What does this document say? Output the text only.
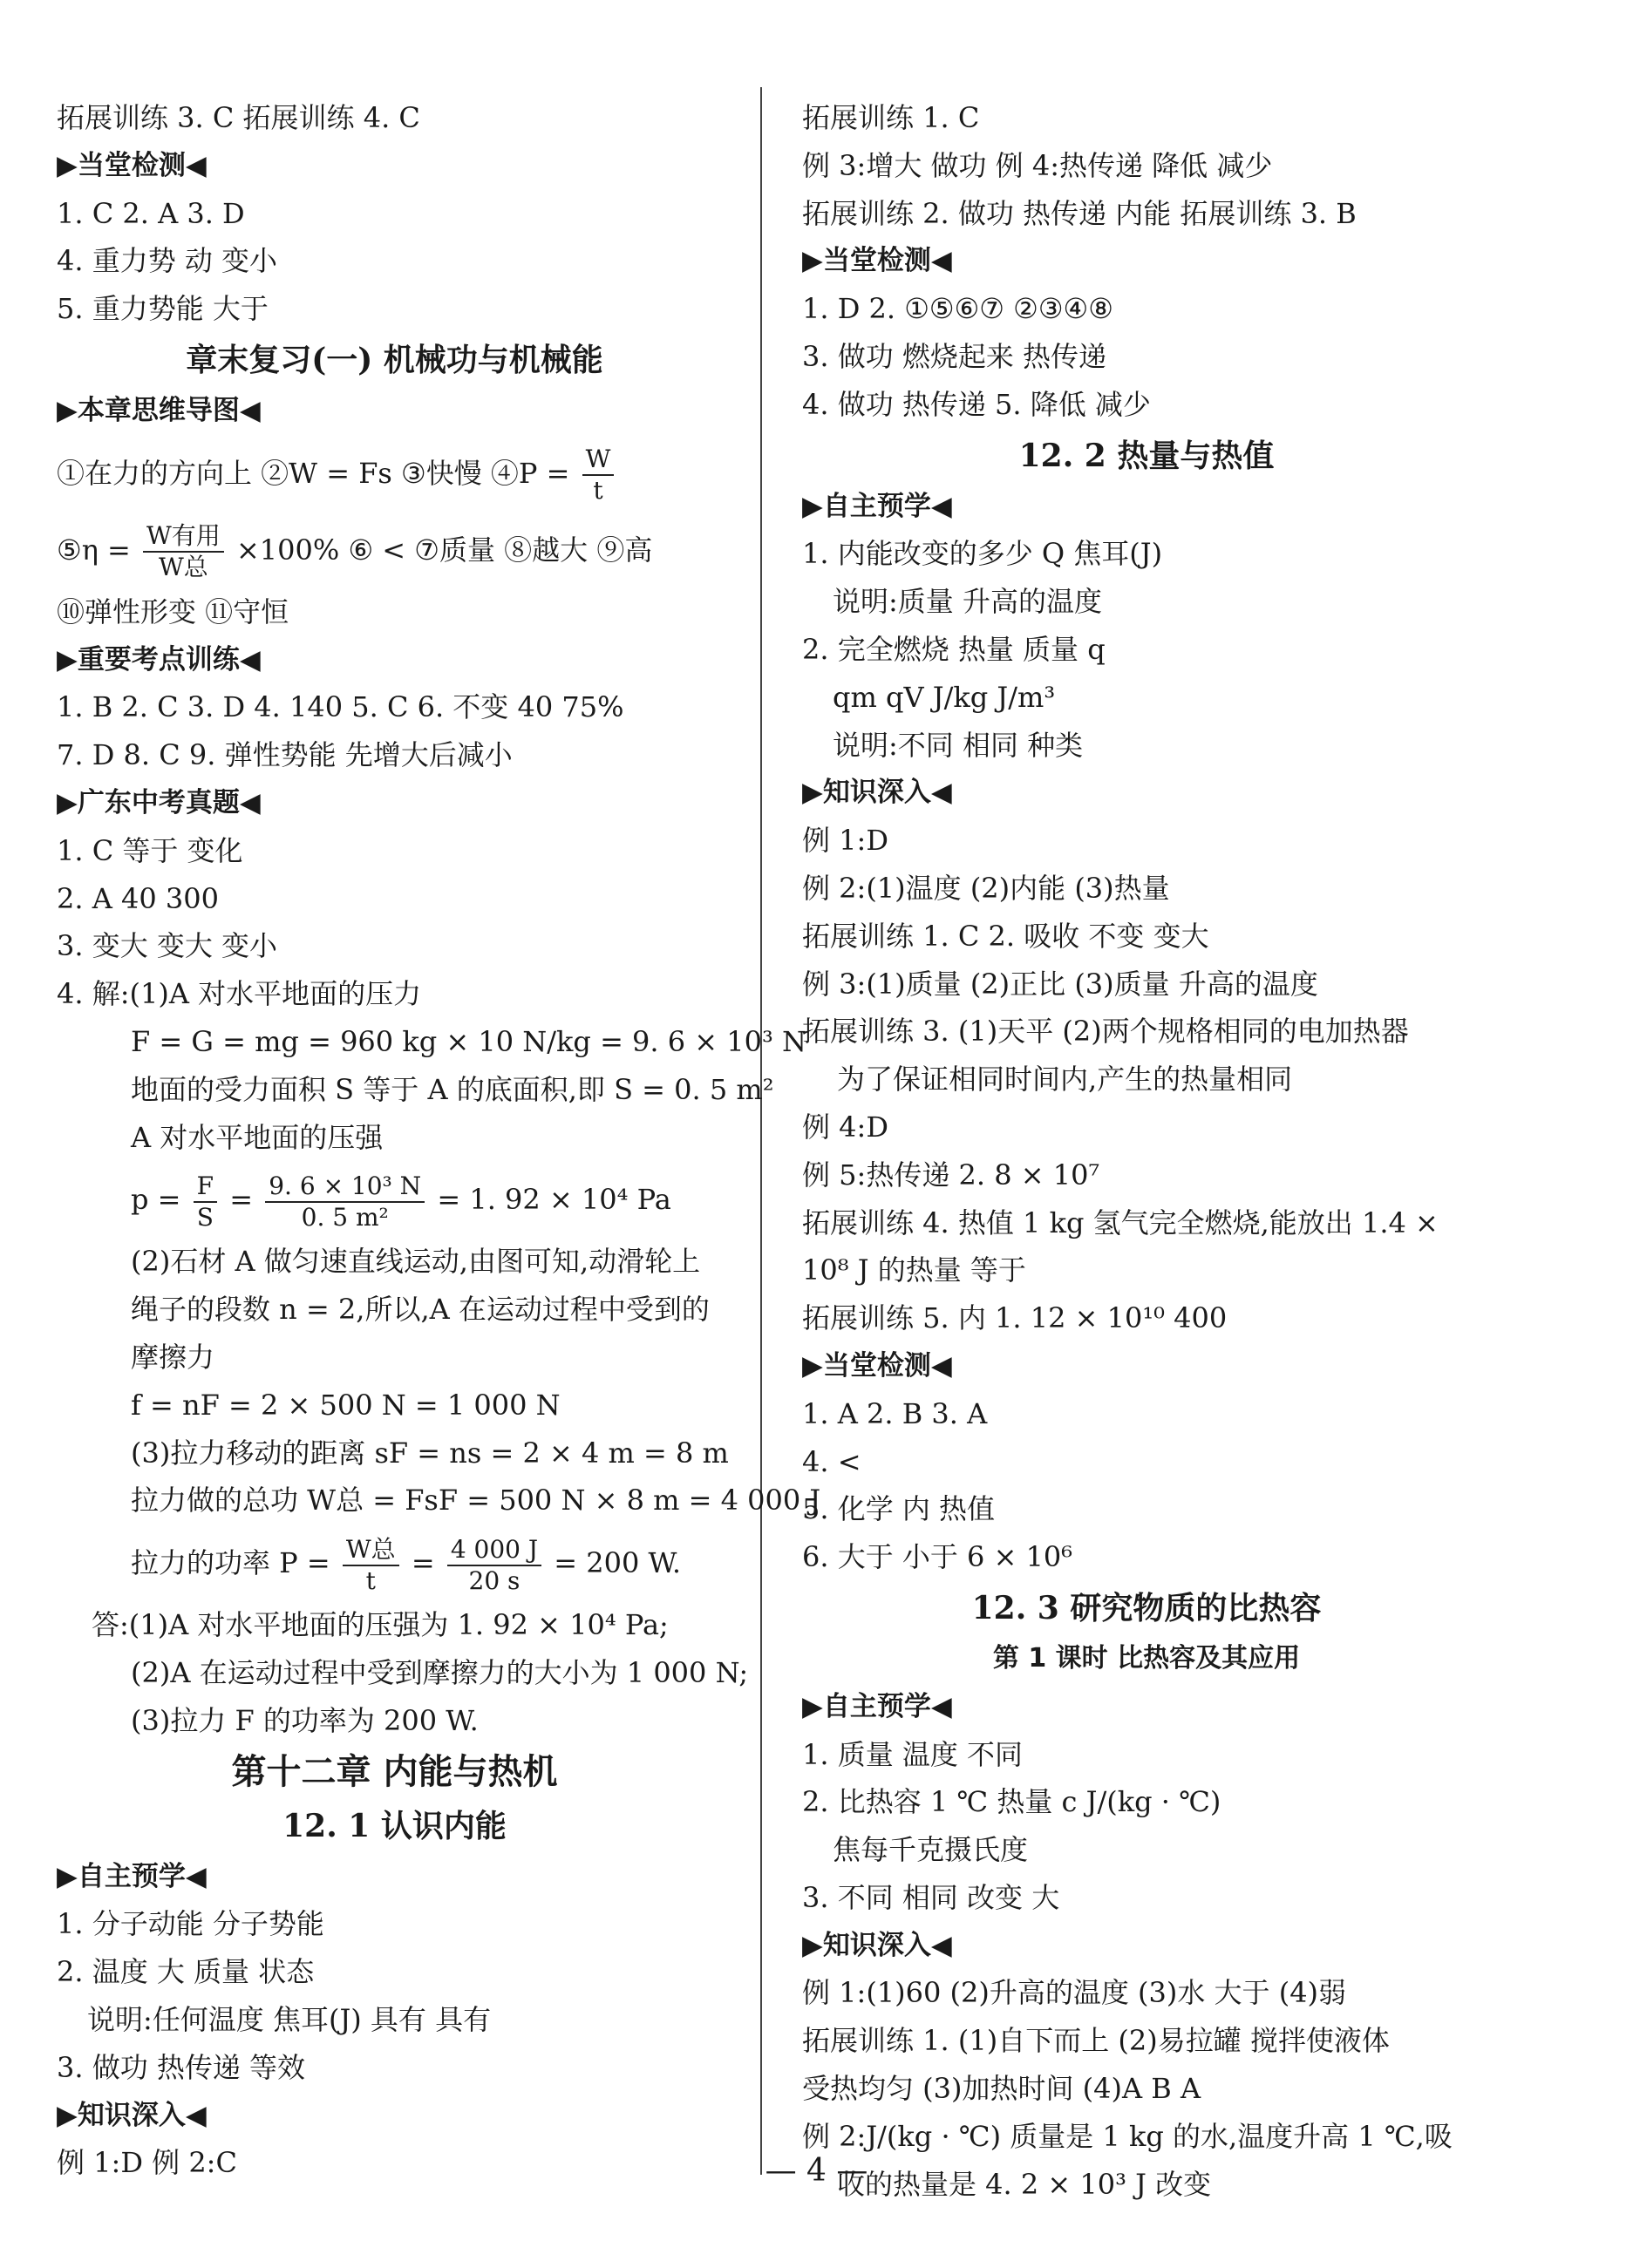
拓展训练 3. C 拓展训练 4. C
▶当堂检测◀
1. C 2. A 3. D
4. 重力势 动 变小
5. 重力势能 大于
章末复习(一) 机械功与机械能
▶本章思维导图◀
①在力的方向上 ②W = Fs ③快慢 ④P = $\frac{W}{t}$
⑤η = $\frac{\text{W有用}}{\text{W总}} \times 100\%$ ⑥ < ⑦质量 ⑧越大 ⑨高
⑩弹性形变 ⑪守恒
▶重要考点训练◀
1. B 2. C 3. D 4. 140 5. C 6. 不变 40 75%
7. D 8. C 9. 弹性势能 先增大后减小
▶广东中考真题◀
1. C 等于 变化
2. A 40 300
3. 变大 变大 变小
4. 解:(1)A 对水平地面的压力
F = G = mg = 960 kg × 10 N/kg = 9. 6 × 10³ N
地面的受力面积 S 等于 A 的底面积,即 S = 0. 5 m²
A 对水平地面的压强
$p = \frac{F}{S} = \frac{\text{9. 6 × 10³ N}}{\text{0. 5 m²}} = 1$. 92 × 10⁴ Pa
(2)石材 A 做匀速直线运动,由图可知,动滑轮上
绳子的段数 n = 2,所以,A 在运动过程中受到的
摩擦力
f = nF = 2 × 500 N = 1 000 N
(3)拉力移动的距离 sF = ns = 2 × 4 m = 8 m
拉力做的总功 W总 = FsF = 500 N × 8 m = 4 000 J
拉力的功率 $P = \frac{\text{W总}}{t} = \frac{4 000 J}{20 s} = 200$ W.
答:(1)A 对水平地面的压强为 1. 92 × 10⁴ Pa;
(2)A 在运动过程中受到摩擦力的大小为 1 000 N;
(3)拉力 F 的功率为 200 W.
第十二章 内能与热机
12. 1 认识内能
▶自主预学◀
1. 分子动能 分子势能
2. 温度 大 质量 状态
说明:任何温度 焦耳(J) 具有 具有
3. 做功 热传递 等效
▶知识深入◀
例 1:D 例 2:C
拓展训练 1. C
例 3:增大 做功 例 4:热传递 降低 减少
拓展训练 2. 做功 热传递 内能 拓展训练 3. B
▶当堂检测◀
1. D 2. ①⑤⑥⑦ ②③④⑧
3. 做功 燃烧起来 热传递
4. 做功 热传递 5. 降低 减少
12. 2 热量与热值
▶自主预学◀
1. 内能改变的多少 Q 焦耳(J)
说明:质量 升高的温度
2. 完全燃烧 热量 质量 q
qm qV J/kg J/m³
说明:不同 相同 种类
▶知识深入◀
例 1:D
例 2:(1)温度 (2)内能 (3)热量
拓展训练 1. C 2. 吸收 不变 变大
例 3:(1)质量 (2)正比 (3)质量 升高的温度
拓展训练 3. (1)天平 (2)两个规格相同的电加热器
为了保证相同时间内,产生的热量相同
例 4:D
例 5:热传递 2. 8 × 10⁷
拓展训练 4. 热值 1 kg 氢气完全燃烧,能放出 1.4 ×
10⁸ J 的热量 等于
拓展训练 5. 内 1. 12 × 10¹⁰ 400
▶当堂检测◀
1. A 2. B 3. A
4. <
5. 化学 内 热值
6. 大于 小于 6 × 10⁶
12. 3 研究物质的比热容
第 1 课时 比热容及其应用
▶自主预学◀
1. 质量 温度 不同
2. 比热容 1 ℃ 热量 c J/(kg · ℃)
焦每千克摄氏度
3. 不同 相同 改变 大
▶知识深入◀
例 1:(1)60 (2)升高的温度 (3)水 大于 (4)弱
拓展训练 1. (1)自下而上 (2)易拉罐 搅拌使液体
受热均匀 (3)加热时间 (4)A B A
例 2:J/(kg · ℃) 质量是 1 kg 的水,温度升高 1 ℃,吸
收的热量是 4. 2 × 10³ J 改变
— 4 —
